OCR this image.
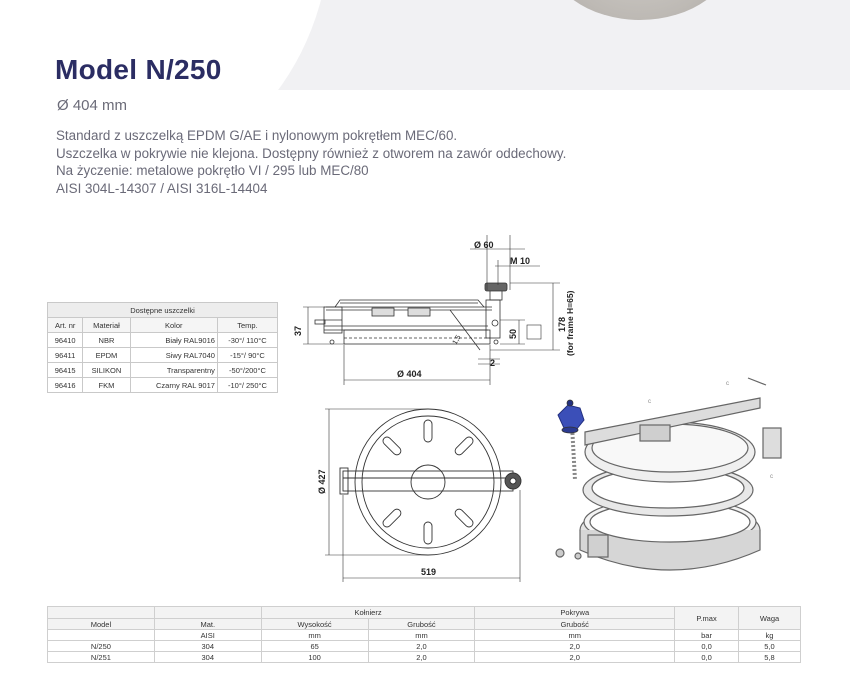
Model N/250
Ø 404 mm
Standard z uszczelką EPDM G/AE i nylonowym pokrętłem MEC/60.
Uszczelka w pokrywie nie klejona. Dostępny również z otworem na zawór oddechowy.
Na życzenie: metalowe pokrętło VI / 295 lub MEC/80
AISI 304L-14307 / AISI 316L-14404
Dostępne uszczelki			
Art. nr	Materiał	Kolor	Temp.
96410	NBR	Biały RAL9016	-30°/ 110°C
96411	EPDM	Siwy RAL7040	-15°/ 90°C
96415	SILIKON	Transparentny	-50°/200°C
96416	FKM	Czarny RAL 9017	-10°/ 250°C
Ø 60
M 10
178
(for frame H=65)
37	50
2
1,5
Ø 404
Ø 427
519
c
c
c
		Kołnierz		Pokrywa	P.max	Waga
Model	Mat.	Wysokość	Grubość	Grubość		
	AISI	mm	mm	mm	bar	kg
N/250	304	65	2,0	2,0	0,0	5,0
N/251	304	100	2,0	2,0	0,0	5,8
